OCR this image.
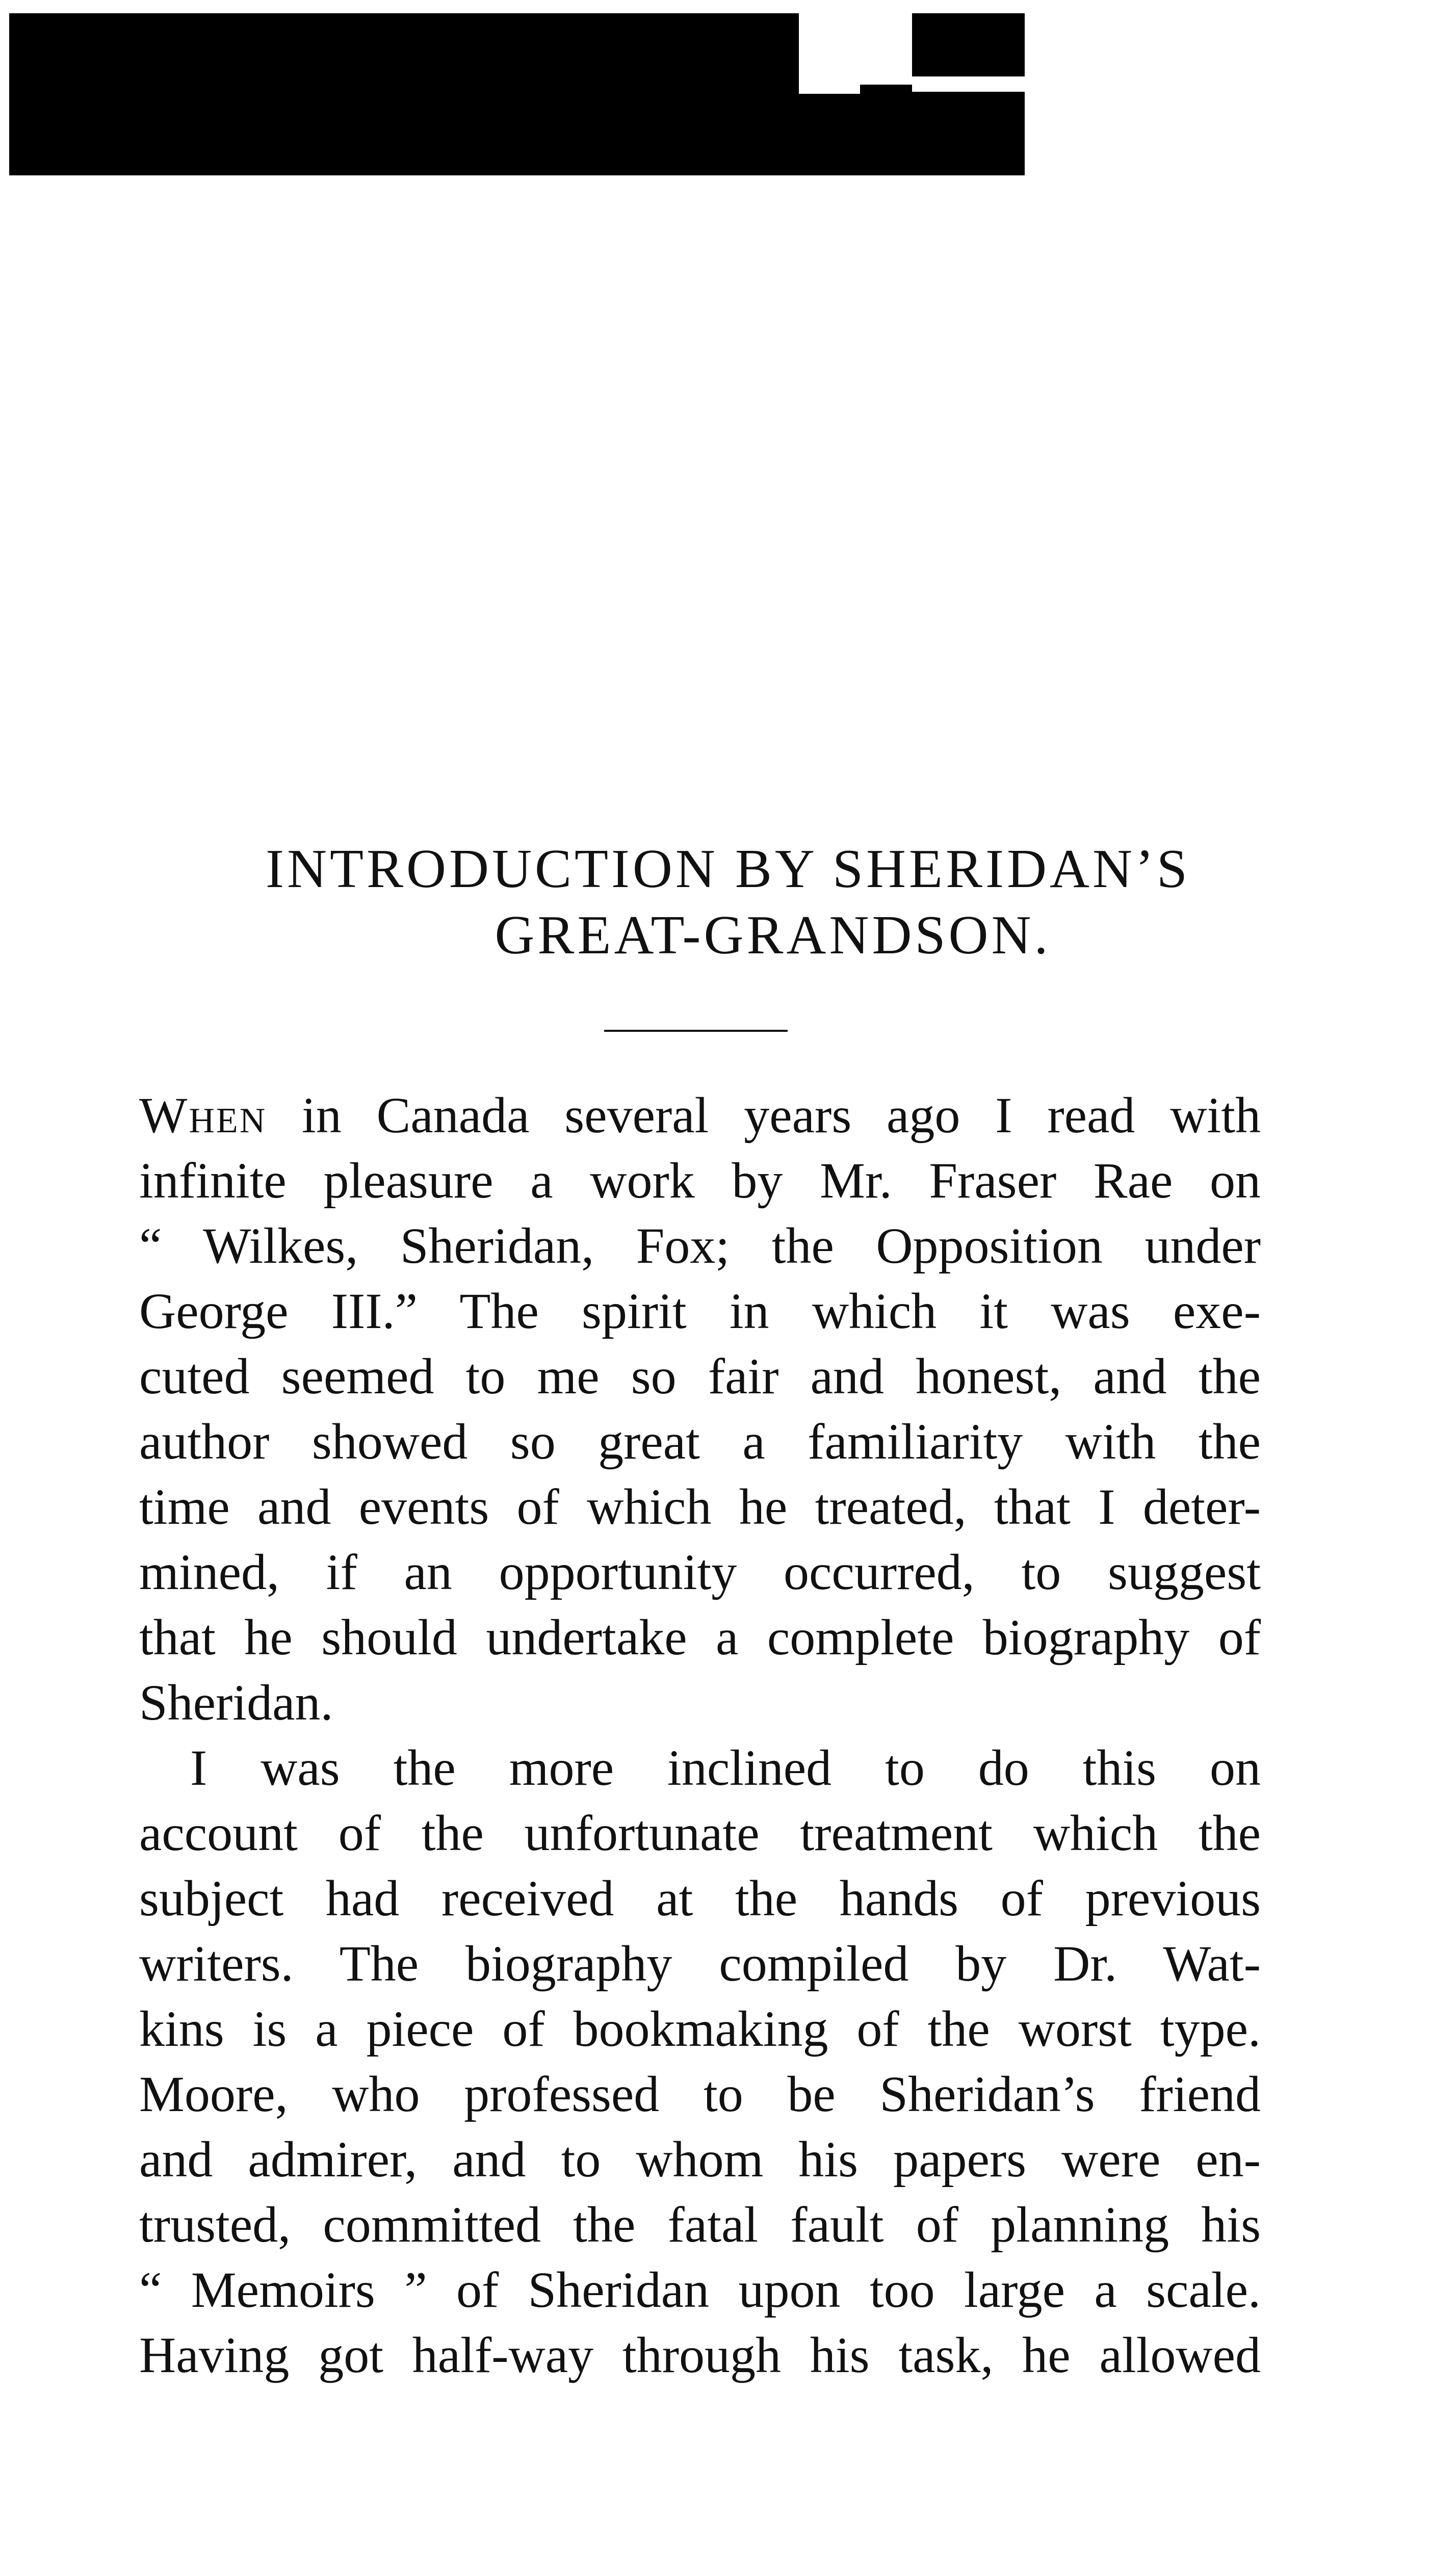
INTRODUCTION BY SHERIDAN’S
GREAT-GRANDSON.
When in Canada several years ago I read with
infinite pleasure a work by Mr. Fraser Rae on
“ Wilkes, Sheridan, Fox; the Opposition under
George III.” The spirit in which it was exe-
cuted seemed to me so fair and honest, and the
author showed so great a familiarity with the
time and events of which he treated, that I deter-
mined, if an opportunity occurred, to suggest
that he should undertake a complete biography of
Sheridan.
I was the more inclined to do this on
account of the unfortunate treatment which the
subject had received at the hands of previous
writers. The biography compiled by Dr. Wat-
kins is a piece of bookmaking of the worst type.
Moore, who professed to be Sheridan’s friend
and admirer, and to whom his papers were en-
trusted, committed the fatal fault of planning his
“ Memoirs ” of Sheridan upon too large a scale.
Having got half-way through his task, he allowed
